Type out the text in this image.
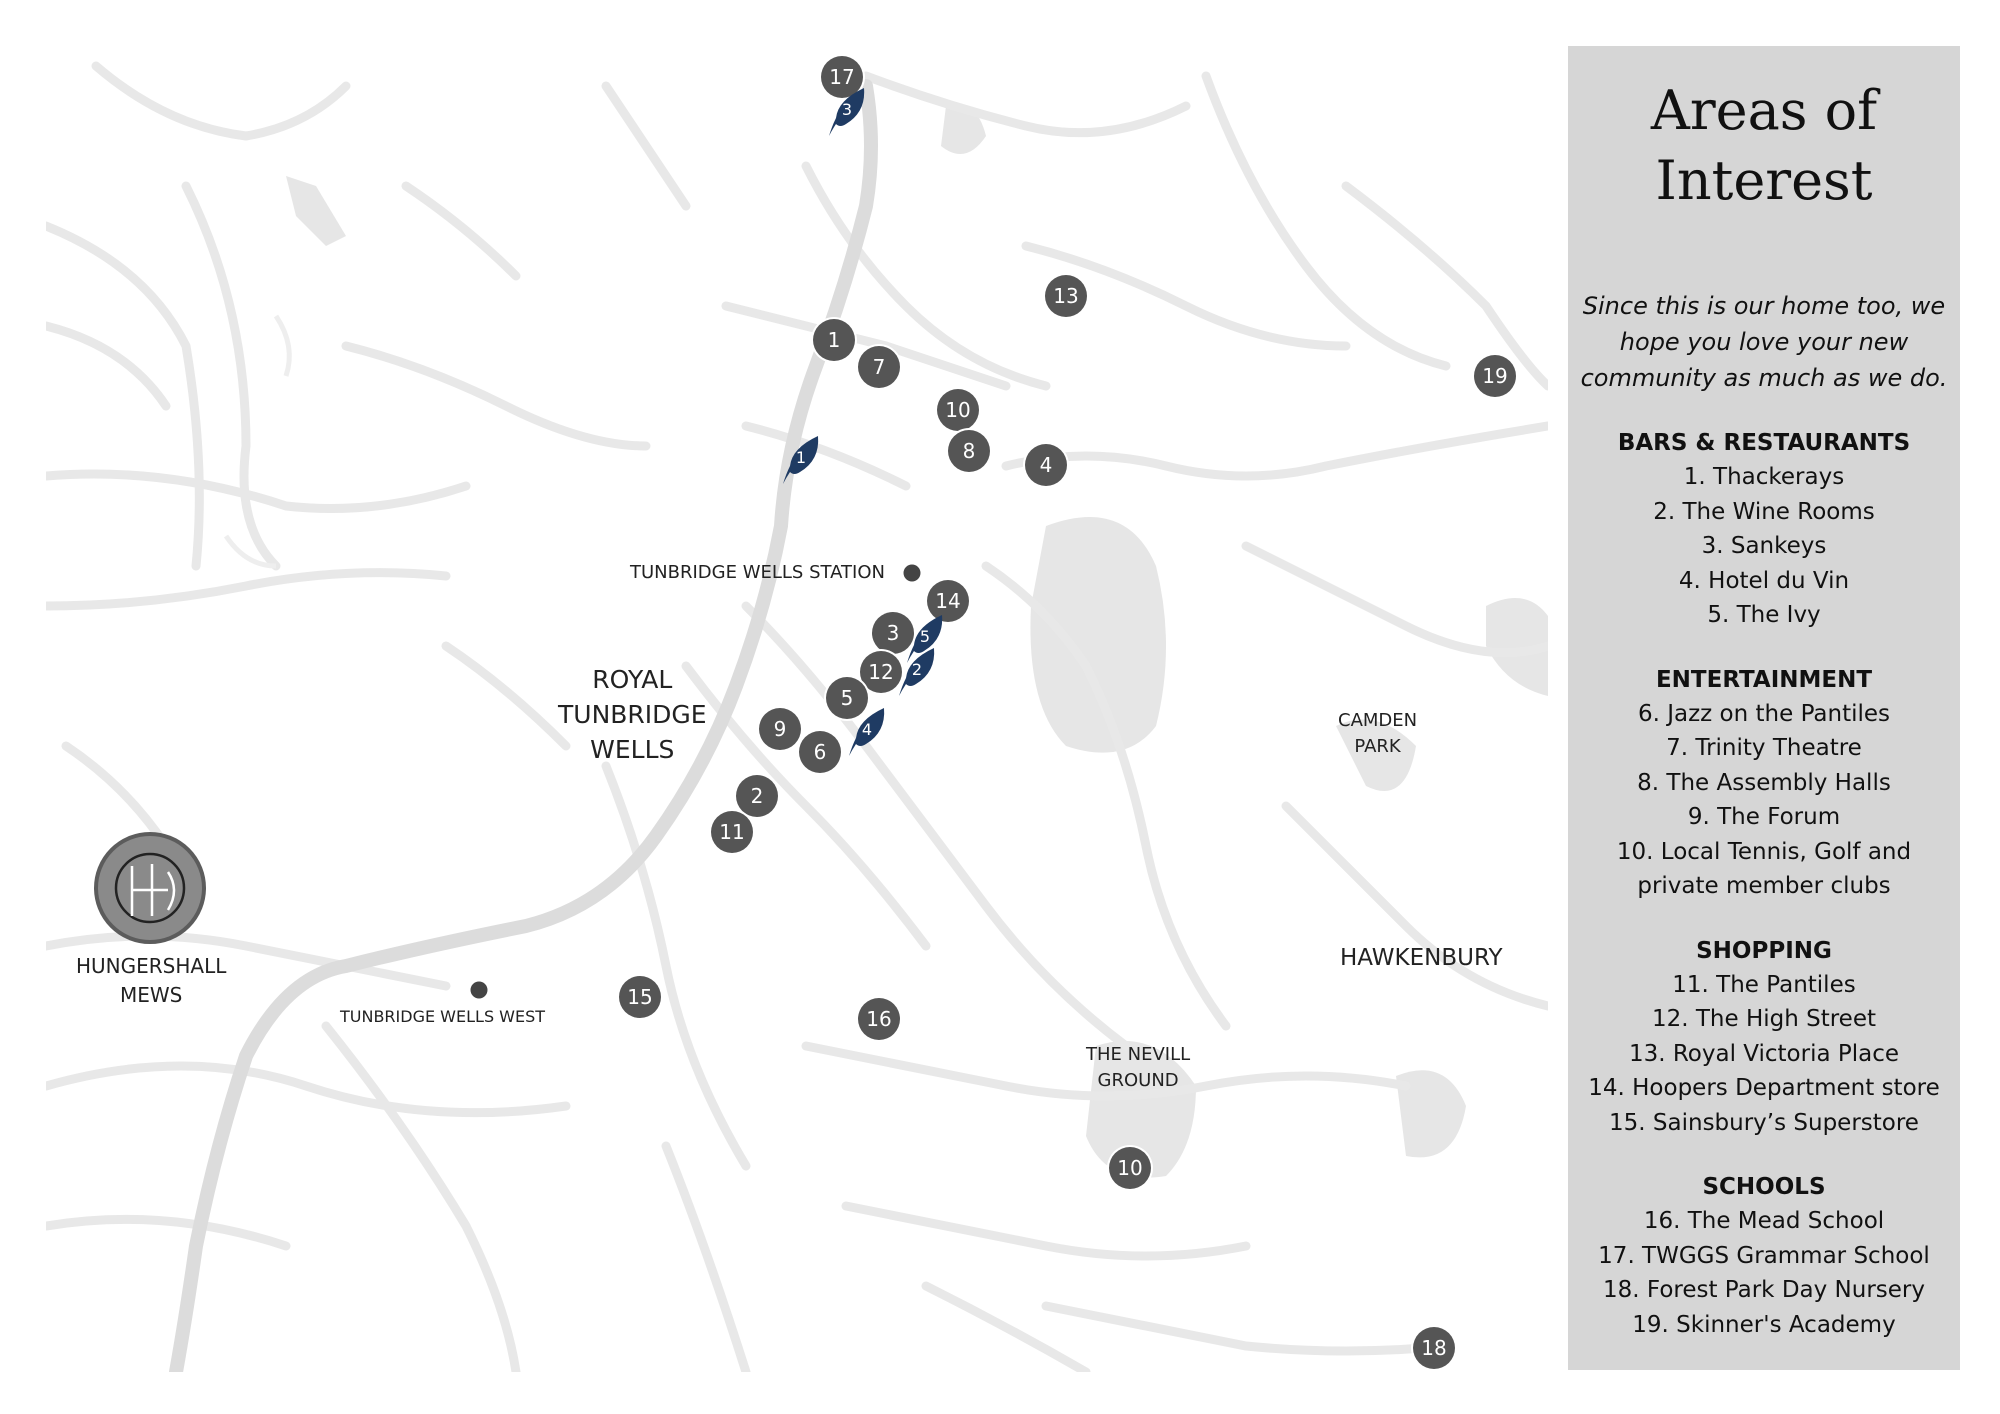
ROYAL
TUNBRIDGE
WELLS
TUNBRIDGE WELLS STATION
TUNBRIDGE WELLS WEST
CAMDEN
PARK
HAWKENBURY
THE NEVILL
GROUND
HUNGERSHALL
MEWS
17
13
1
7
10
8
4
19
14
3
12
5
9
6
2
11
15
16
10
18
3
1
5
2
4
Areas of
Interest

Since this is our home too, we
hope you love your new
community as much as we do.

BARS & RESTAURANTS

1. Thackerays
2. The Wine Rooms
3. Sankeys
4. Hotel du Vin
5. The Ivy

ENTERTAINMENT

6. Jazz on the Pantiles
7. Trinity Theatre
8. The Assembly Halls
9. The Forum
10. Local Tennis, Golf and
private member clubs

SHOPPING

11. The Pantiles
12. The High Street
13. Royal Victoria Place
14. Hoopers Department store
15. Sainsbury’s Superstore

SCHOOLS

16. The Mead School
17. TWGGS Grammar School
18. Forest Park Day Nursery
19. Skinner's Academy
